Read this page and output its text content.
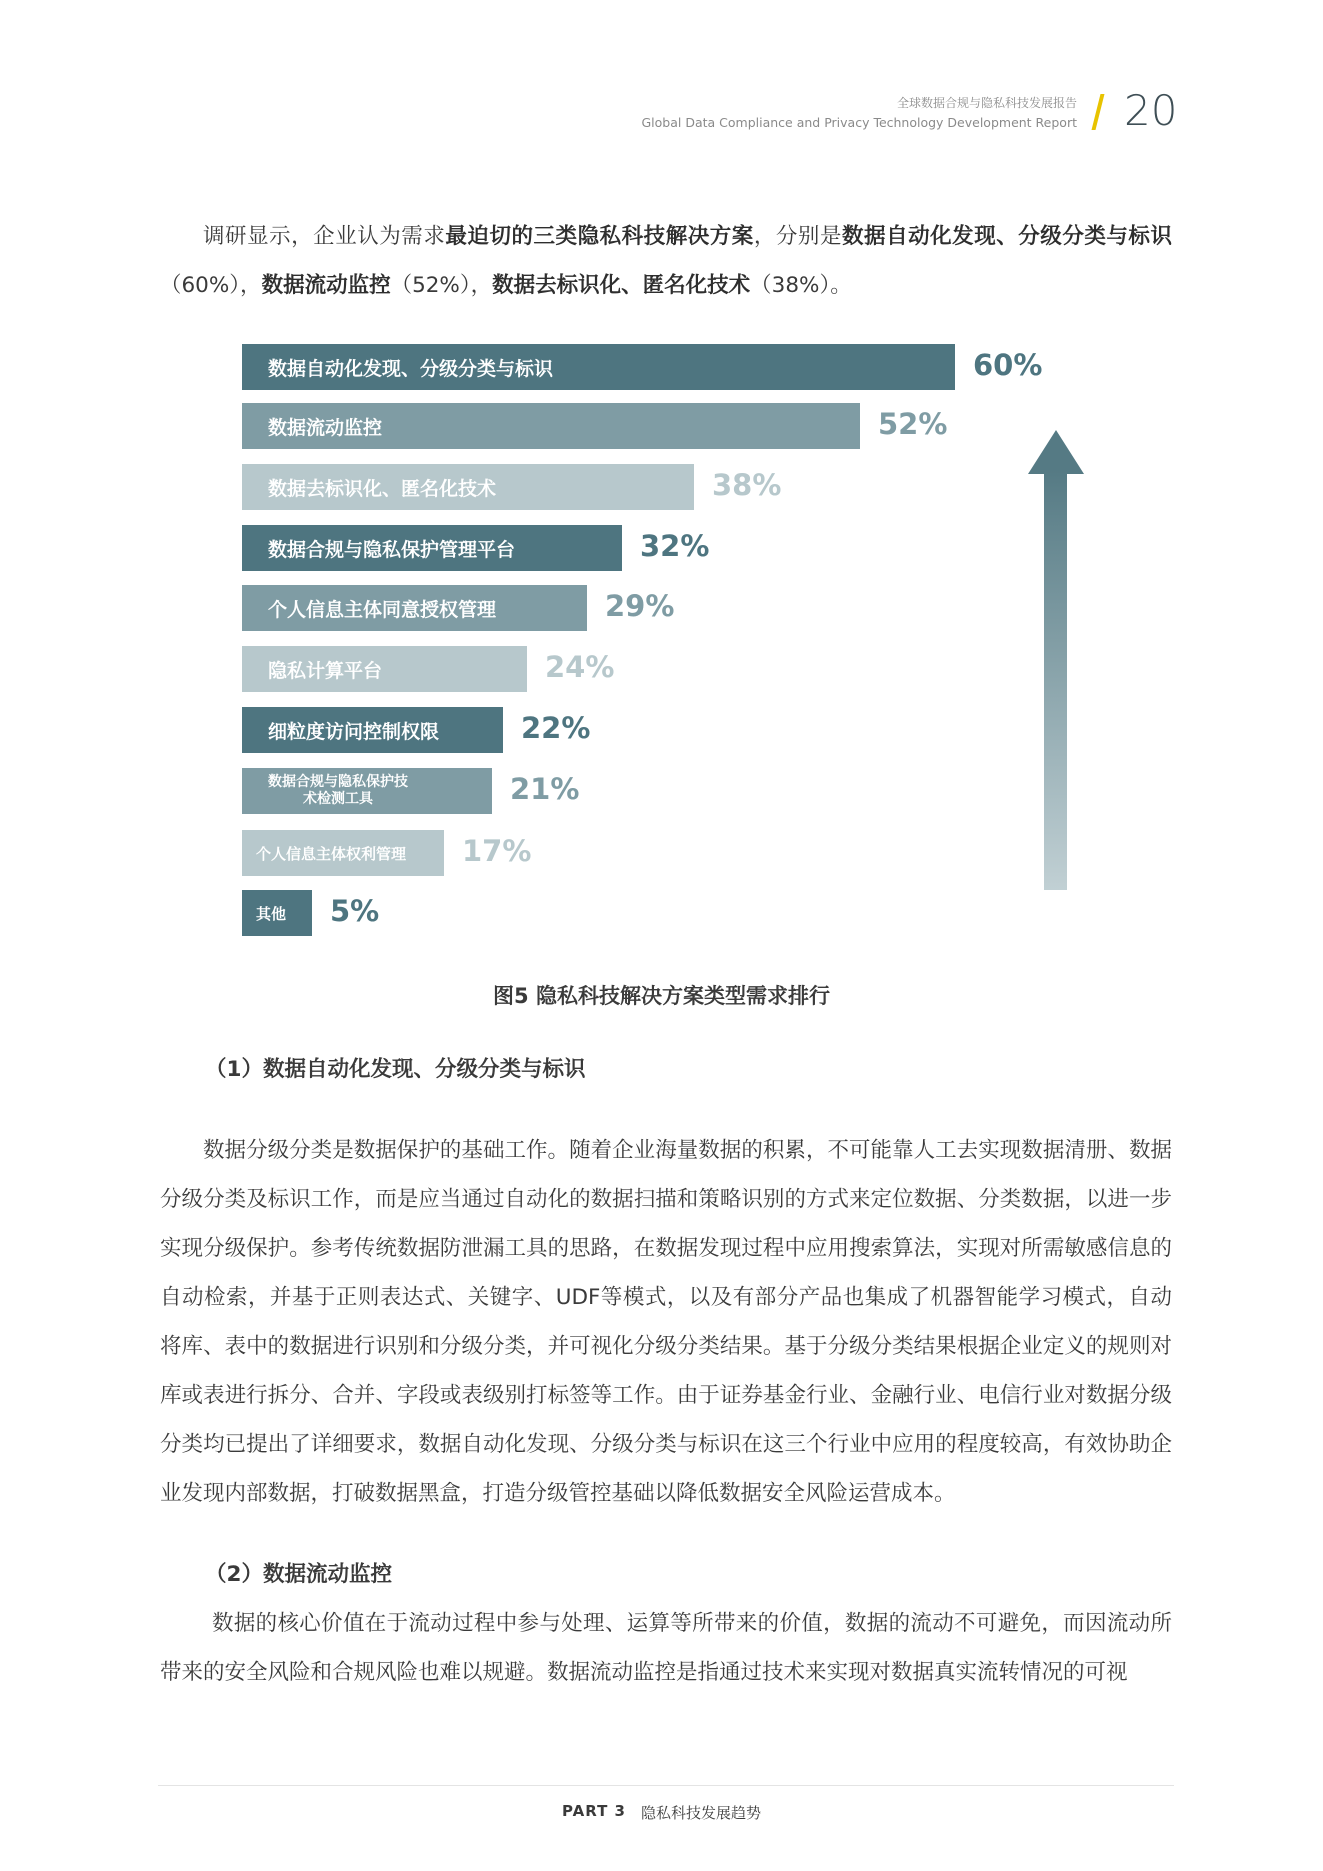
全球数据合规与隐私科技发展报告
Global Data Compliance and Privacy Technology Development Report 20
调研显示，企业认为需求最迫切的三类隐私科技解决方案，分别是数据自动化发现、分级分类与标识（60%），数据流动监控（52%），数据去标识化、匿名化技术（38%）。
数据自动化发现、分级分类与标识	60%
数据流动监控	52%
数据去标识化、匿名化技术	38%
数据合规与隐私保护管理平台	32%
个人信息主体同意授权管理	29%
隐私计算平台	24%
细粒度访问控制权限	22%
数据合规与隐私保护技
术检测工具	21%
个人信息主体权利管理 17%
其他 5%
图5 隐私科技解决方案类型需求排行
（1）数据自动化发现、分级分类与标识
数据分级分类是数据保护的基础工作。随着企业海量数据的积累，不可能靠人工去实现数据清册、数据分级分类及标识工作，而是应当通过自动化的数据扫描和策略识别的方式来定位数据、分类数据，以进一步实现分级保护。参考传统数据防泄漏工具的思路，在数据发现过程中应用搜索算法，实现对所需敏感信息的自动检索，并基于正则表达式、关键字、UDF等模式，以及有部分产品也集成了机器智能学习模式，自动将库、表中的数据进行识别和分级分类，并可视化分级分类结果。基于分级分类结果根据企业定义的规则对库或表进行拆分、合并、字段或表级别打标签等工作。由于证券基金行业、金融行业、电信行业对数据分级分类均已提出了详细要求，数据自动化发现、分级分类与标识在这三个行业中应用的程度较高，有效协助企业发现内部数据，打破数据黑盒，打造分级管控基础以降低数据安全风险运营成本。
（2）数据流动监控
数据的核心价值在于流动过程中参与处理、运算等所带来的价值，数据的流动不可避免，而因流动所带来的安全风险和合规风险也难以规避。数据流动监控是指通过技术来实现对数据真实流转情况的可视
PART 3 隐私科技发展趋势
